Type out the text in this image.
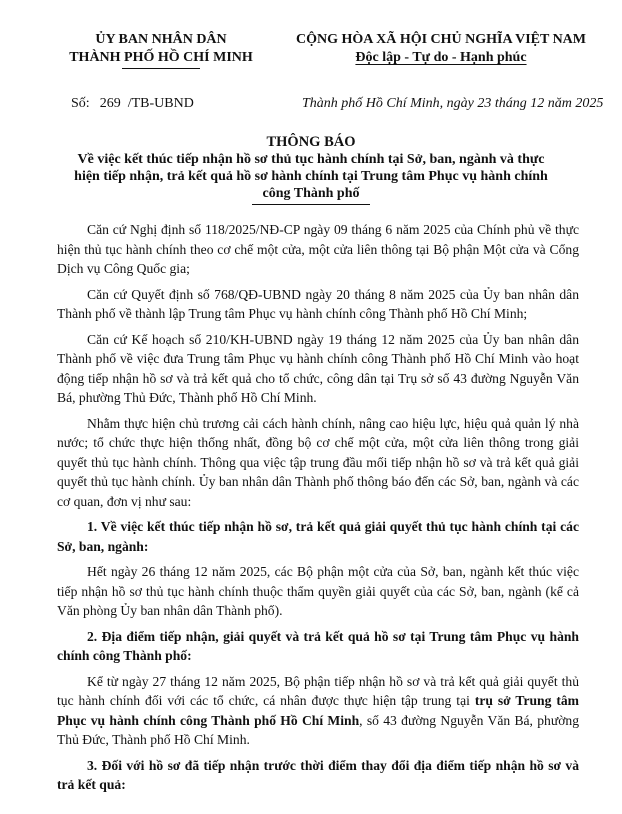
ỦY BAN NHÂN DÂN
THÀNH PHỐ HỒ CHÍ MINH
CỘNG HÒA XÃ HỘI CHỦ NGHĨA VIỆT NAM
Độc lập - Tự do - Hạnh phúc
Số: 269 /TB-UBND	Thành phố Hồ Chí Minh, ngày 23 tháng 12 năm 2025
THÔNG BÁO
Về việc kết thúc tiếp nhận hồ sơ thủ tục hành chính tại Sở, ban, ngành và thực hiện tiếp nhận, trả kết quả hồ sơ hành chính tại Trung tâm Phục vụ hành chính công Thành phố

Căn cứ Nghị định số 118/2025/NĐ-CP ngày 09 tháng 6 năm 2025 của Chính phủ về thực hiện thủ tục hành chính theo cơ chế một cửa, một cửa liên thông tại Bộ phận Một cửa và Cổng Dịch vụ Công Quốc gia;

Căn cứ Quyết định số 768/QĐ-UBND ngày 20 tháng 8 năm 2025 của Ủy ban nhân dân Thành phố về thành lập Trung tâm Phục vụ hành chính công Thành phố Hồ Chí Minh;

Căn cứ Kế hoạch số 210/KH-UBND ngày 19 tháng 12 năm 2025 của Ủy ban nhân dân Thành phố về việc đưa Trung tâm Phục vụ hành chính công Thành phố Hồ Chí Minh vào hoạt động tiếp nhận hồ sơ và trả kết quả cho tổ chức, công dân tại Trụ sở số 43 đường Nguyễn Văn Bá, phường Thủ Đức, Thành phố Hồ Chí Minh.

Nhằm thực hiện chủ trương cải cách hành chính, nâng cao hiệu lực, hiệu quả quản lý nhà nước; tổ chức thực hiện thống nhất, đồng bộ cơ chế một cửa, một cửa liên thông trong giải quyết thủ tục hành chính. Thông qua việc tập trung đầu mối tiếp nhận hồ sơ và trả kết quả giải quyết thủ tục hành chính. Ủy ban nhân dân Thành phố thông báo đến các Sở, ban, ngành và các cơ quan, đơn vị như sau:

1. Về việc kết thúc tiếp nhận hồ sơ, trả kết quả giải quyết thủ tục hành chính tại các Sở, ban, ngành:

Hết ngày 26 tháng 12 năm 2025, các Bộ phận một cửa của Sở, ban, ngành kết thúc việc tiếp nhận hồ sơ thủ tục hành chính thuộc thẩm quyền giải quyết của các Sở, ban, ngành (kể cả Văn phòng Ủy ban nhân dân Thành phố).

2. Địa điểm tiếp nhận, giải quyết và trả kết quả hồ sơ tại Trung tâm Phục vụ hành chính công Thành phố:

Kể từ ngày 27 tháng 12 năm 2025, Bộ phận tiếp nhận hồ sơ và trả kết quả giải quyết thủ tục hành chính đối với các tổ chức, cá nhân được thực hiện tập trung tại trụ sở Trung tâm Phục vụ hành chính công Thành phố Hồ Chí Minh, số 43 đường Nguyễn Văn Bá, phường Thủ Đức, Thành phố Hồ Chí Minh.

3. Đối với hồ sơ đã tiếp nhận trước thời điểm thay đổi địa điểm tiếp nhận hồ sơ và trả kết quả:
